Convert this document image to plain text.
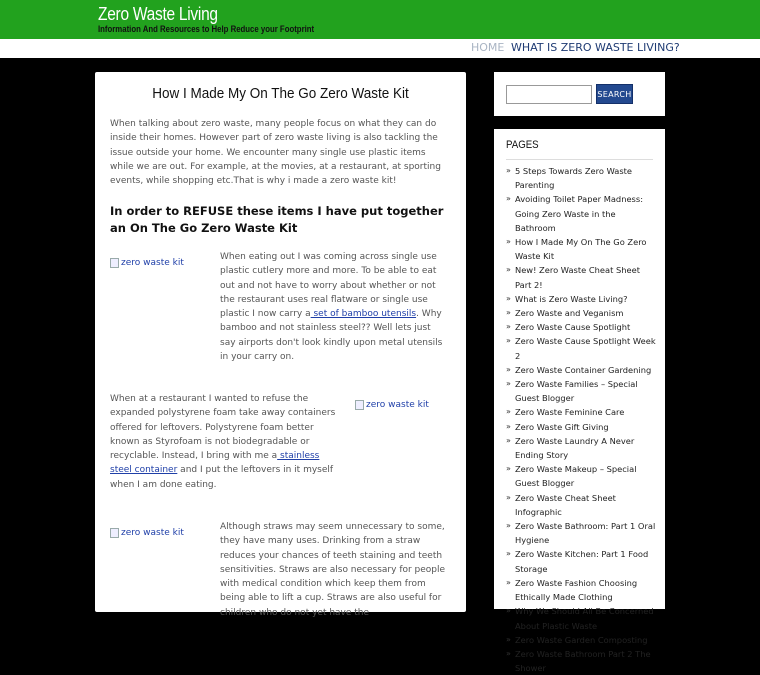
Zero Waste Living
Information And Resources to Help Reduce your Footprint
HOME WHAT IS ZERO WASTE LIVING?
How I Made My On The Go Zero Waste Kit

When talking about zero waste, many people focus on what they can do inside their homes. However part of zero waste living is also tackling the issue outside your home. We encounter many single use plastic items while we are out. For example, at the movies, at a restaurant, at sporting events, while shopping etc.That is why i made a zero waste kit!

In order to REFUSE these items I have put together an On The Go Zero Waste Kit
zero waste kit

When eating out I was coming across single use plastic cutlery more and more. To be able to eat out and not have to worry about whether or not the restaurant uses real flatware or single use plastic I now carry a set of bamboo utensils. Why bamboo and not stainless steel?? Well lets just say airports don't look kindly upon metal utensils in your carry on.

zero waste kit

When at a restaurant I wanted to refuse the expanded polystyrene foam take away containers offered for leftovers. Polystyrene foam better known as Styrofoam is not biodegradable or recyclable. Instead, I bring with me a stainless steel container and I put the leftovers in it myself when I am done eating.

zero waste kit

Although straws may seem unnecessary to some, they have many uses. Drinking from a straw reduces your chances of teeth staining and teeth sensitivities. Straws are also necessary for people with medical condition which keep them from being able to lift a cup. Straws are also useful for children who do not yet have the

SEARCH
PAGES
» 5 Steps Towards Zero Waste Parenting
» Avoiding Toilet Paper Madness: Going Zero Waste in the Bathroom
» How I Made My On The Go Zero Waste Kit
» New! Zero Waste Cheat Sheet Part 2!
» What is Zero Waste Living?
» Zero Waste and Veganism
» Zero Waste Cause Spotlight
» Zero Waste Cause Spotlight Week 2
» Zero Waste Container Gardening
» Zero Waste Families – Special Guest Blogger
» Zero Waste Feminine Care
» Zero Waste Gift Giving
» Zero Waste Laundry A Never Ending Story
» Zero Waste Makeup – Special Guest Blogger
» Zero Waste Cheat Sheet Infographic
» Zero Waste Bathroom: Part 1 Oral Hygiene
» Zero Waste Kitchen: Part 1 Food Storage
» Zero Waste Fashion Choosing Ethically Made Clothing
» Why We Should All Be Concerned About Plastic Waste
» Zero Waste Garden Composting
» Zero Waste Bathroom Part 2 The Shower
